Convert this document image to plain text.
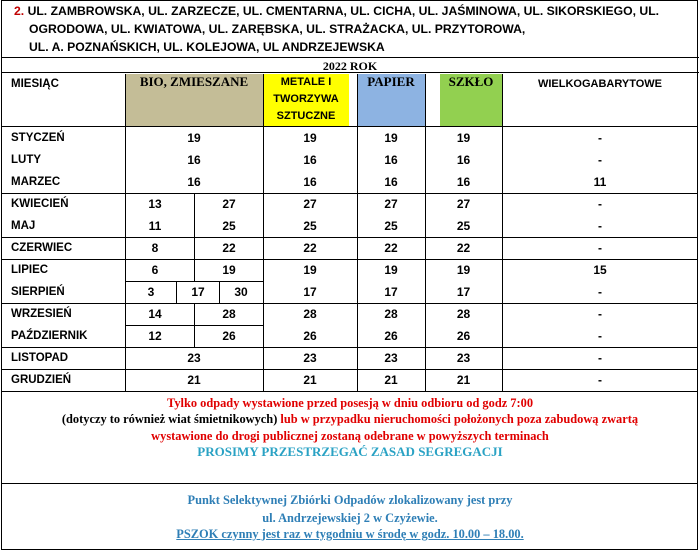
2. UL. ZAMBROWSKA, UL. ZARZECZE, UL. CMENTARNA, UL. CICHA, UL. JAŚMINOWA, UL. SIKORSKIEGO, UL.
OGRODOWA, UL. KWIATOWA, UL. ZARĘBSKA, UL. STRAŻACKA, UL. PRZYTOROWA,
UL. A. POZNAŃSKICH, UL. KOLEJOWA, UL ANDRZEJEWSKA
2022 ROK
MIESIĄC	BIO, ZMIESZANE	METALE I
TWORZYWA
SZTUCZNE
PAPIER	SZKŁO	WIELKOGABARYTOWE
STYCZEŃ	19	19	19	19	-
LUTY	16	16	16	16	-
MARZEC	16	16	16	16	11
KWIECIEŃ	13	27	27	27	27	-
MAJ	11	25	25	25	25	-
CZERWIEC	8	22	22	22	22	-
LIPIEC	6	19	19	19	19	15
SIERPIEŃ	3	17	30	17	17	17	-
WRZESIEŃ	14	28	28	28	28	-
PAŹDZIERNIK	12	26	26	26	26	-
LISTOPAD	23	23	23	23	-
GRUDZIEŃ	21	21	21	21	-
Tylko odpady wystawione przed posesją w dniu odbioru od godz 7:00
(dotyczy to również wiat śmietnikowych) lub w przypadku nieruchomości położonych poza zabudową zwartą
wystawione do drogi publicznej zostaną odebrane w powyższych terminach
PROSIMY PRZESTRZEGAĆ ZASAD SEGREGACJI
Punkt Selektywnej Zbiórki Odpadów zlokalizowany jest przy
ul. Andrzejewskiej 2 w Czyżewie.
PSZOK czynny jest raz w tygodniu w środę w godz. 10.00 – 18.00.
